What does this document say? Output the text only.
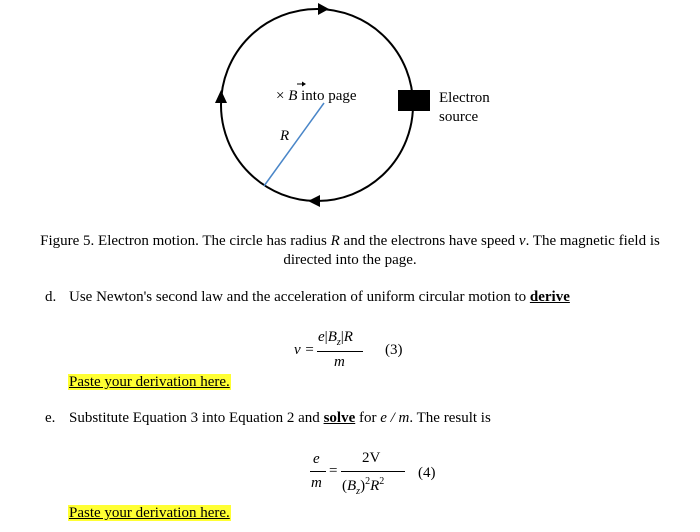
× B into page
R
Electron
source
Figure 5. Electron motion. The circle has radius R and the electrons have speed v. The magnetic field is directed into the page.
d. Use Newton's second law and the acceleration of uniform circular motion to derive
v =
$e|B_z|R$
m
(3)
Paste your derivation here.
e. Substitute Equation 3 into Equation 2 and solve for e / m. The result is
e
m
=
2V
$(B_z)^2R^2$
(4)
Paste your derivation here.
